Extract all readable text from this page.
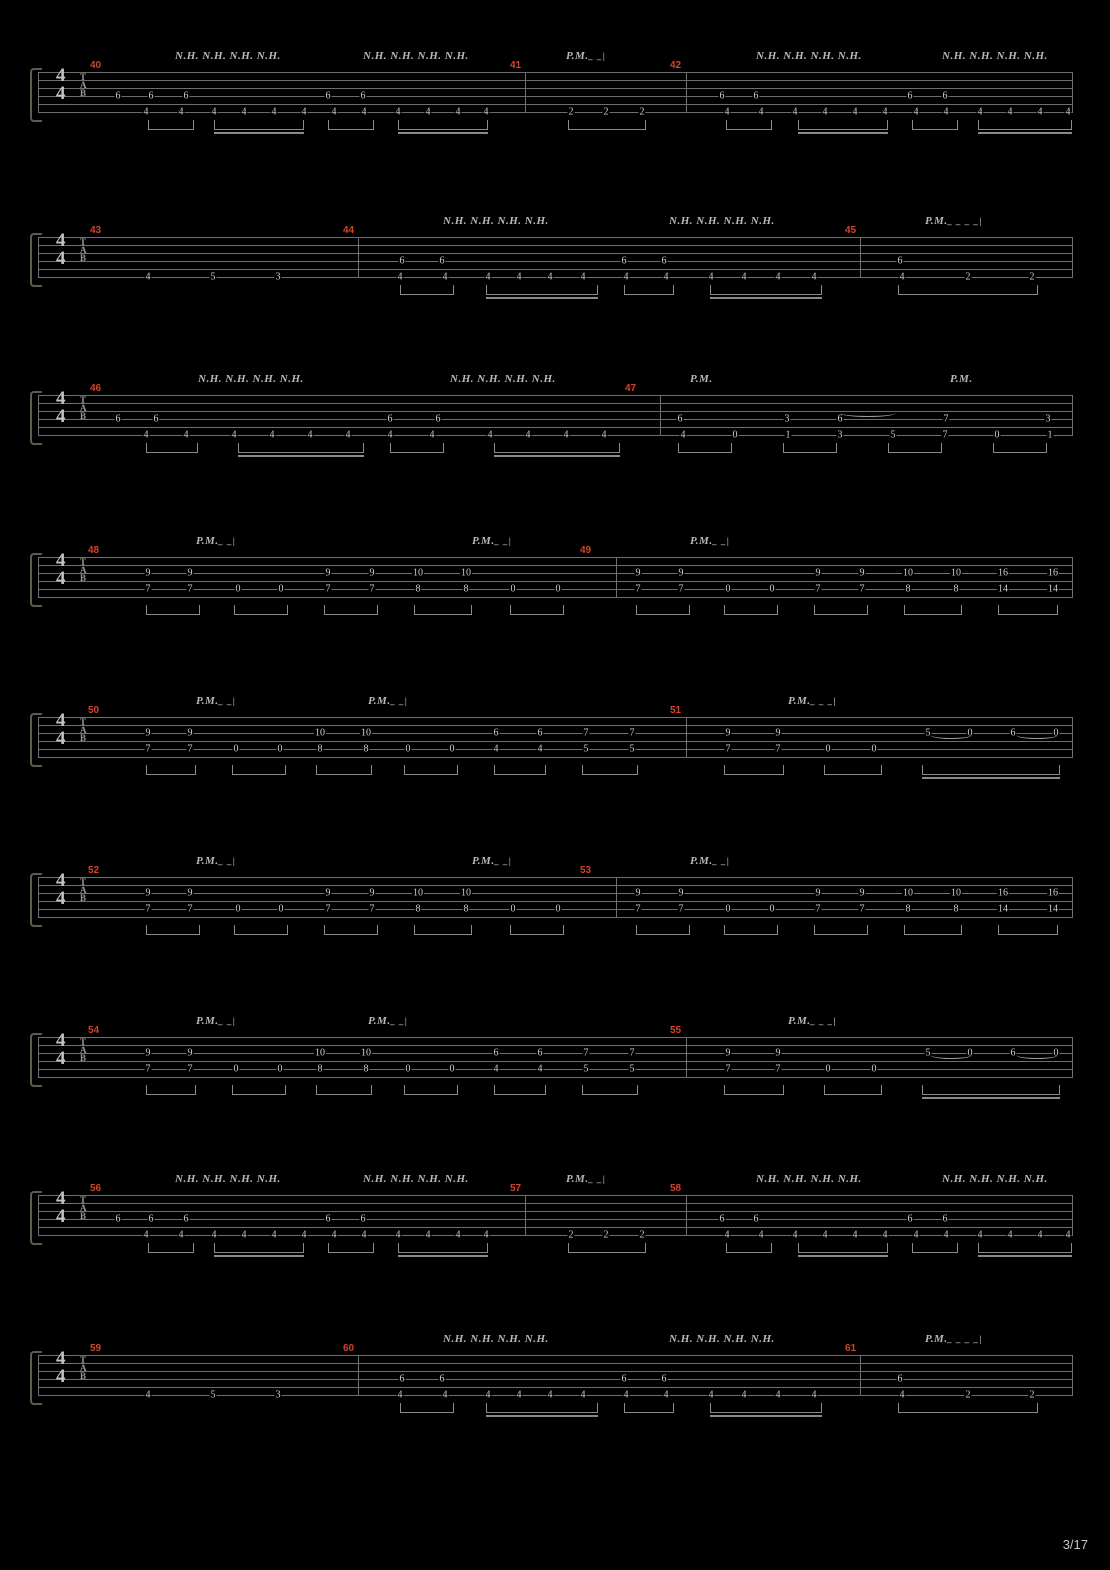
N.H. N.H. N.H. N.H.	N.H. N.H. N.H. N.H.	P.M._ _|	N.H. N.H. N.H. N.H.	N.H. N.H. N.H. N.H.
T
A
B
4
4
4	4	4	4	4	4	4	4	4	4	4 4
6	6	6	6	6
2	2	2	4	4	4	4	4	4	4	4	4	4	4 4
6	6	6	6
40	41	42
N.H. N.H. N.H. N.H.	N.H. N.H. N.H. N.H.	P.M._ _ _ _|
T
A
B
4
4
4	5	3	4	4	4	4	4	4	4	4	4	4	4	4
6	6	6	6
4	2	2
6
43	44	45
N.H. N.H. N.H. N.H.	N.H. N.H. N.H. N.H.	P.M.	P.M.
T
A
B
4
4
4	4	4	4	4	4	4	4	4	4	4	4
6	6	6	6
4	0	1	3	5	7	0	1
6	3	6	7	3
46	47
P.M._ _|	P.M._ _|	P.M._ _|
T
A
B
4
4	9	9	9	9	10	10
7	7	0	0	7	7	8	8	0	0
9	9	9	9	10	10	16	16
7	7	0	0	7	7	8	8	14	14
48	49
P.M._ _|	P.M._ _|	P.M._ _ _|
T
A
B
4
4	9	9	10	10	6	6	7	7
7	7	0	0	8	8	0	0	4	4	5	5
9	9
7	7	0	0
5	0	6	0
50	51
P.M._ _|	P.M._ _|	P.M._ _|
T
A
B
4
4	9	9	9	9	10	10
7	7	0	0	7	7	8	8	0	0
9	9	9	9	10	10	16	16
7	7	0	0	7	7	8	8	14	14
52	53
P.M._ _|	P.M._ _|	P.M._ _ _|
T
A
B
4
4	9	9	10	10	6	6	7	7
7	7	0	0	8	8	0	0	4	4	5	5
9	9
7	7	0	0
5	0	6	0
54	55
N.H. N.H. N.H. N.H.	N.H. N.H. N.H. N.H.	P.M._ _|	N.H. N.H. N.H. N.H.	N.H. N.H. N.H. N.H.
T
A
B
4
4
4	4	4	4	4	4	4	4	4	4	4 4
6	6	6	6	6
2	2	2	4	4	4	4	4	4	4	4	4	4	4 4
6	6	6	6
56	57	58
N.H. N.H. N.H. N.H.	N.H. N.H. N.H. N.H.	P.M._ _ _ _|
T
A
B
4
4
4	5	3	4	4	4	4	4	4	4	4	4	4	4	4
6	6	6	6
4	2	2
6
59	60	61
3/17
